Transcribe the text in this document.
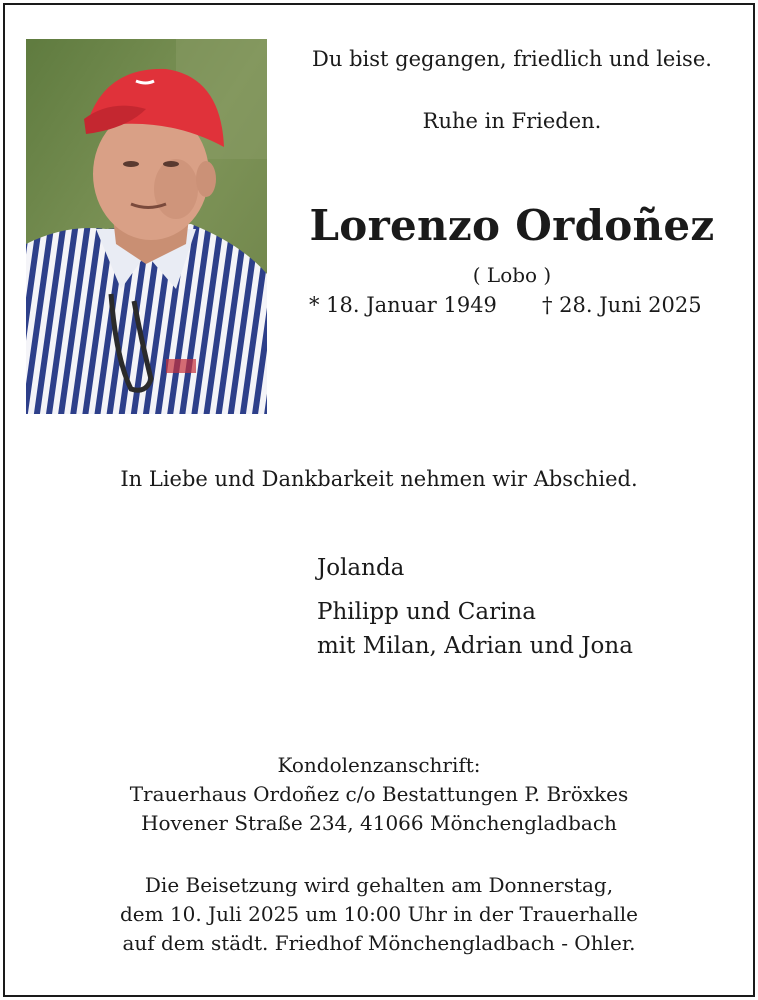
Du bist gegangen, friedlich und leise.
Ruhe in Frieden.
Lorenzo Ordoñez
( Lobo )
* 18. Januar 1949 † 28. Juni 2025
In Liebe und Dankbarkeit nehmen wir Abschied.
Jolanda
Philipp und Carina
mit Milan, Adrian und Jona
Kondolenzanschrift:
Trauerhaus Ordoñez c/o Bestattungen P. Bröxkes
Hovener Straße 234, 41066 Mönchengladbach
Die Beisetzung wird gehalten am Donnerstag,
dem 10. Juli 2025 um 10:00 Uhr in der Trauerhalle
auf dem städt. Friedhof Mönchengladbach - Ohler.
